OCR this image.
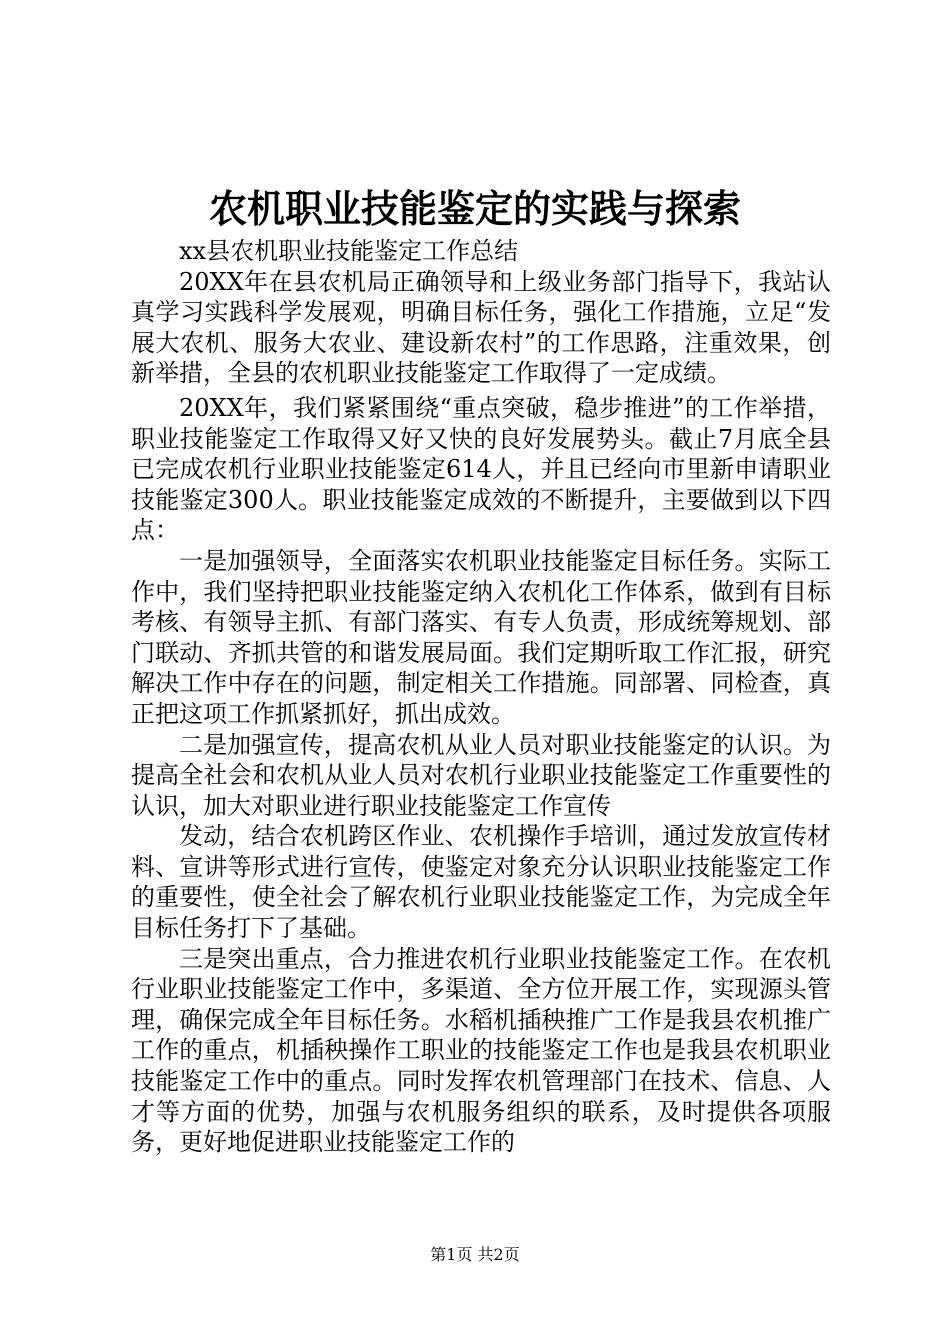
农机职业技能鉴定的实践与探索

xx县农机职业技能鉴定工作总结

20XX年在县农机局正确领导和上级业务部门指导下，我站认真学习实践科学发展观，明确目标任务，强化工作措施，立足“发展大农机、服务大农业、建设新农村”的工作思路，注重效果，创新举措，全县的农机职业技能鉴定工作取得了一定成绩。

20XX年，我们紧紧围绕“重点突破，稳步推进”的工作举措，职业技能鉴定工作取得又好又快的良好发展势头。截止7月底全县已完成农机行业职业技能鉴定614人，并且已经向市里新申请职业技能鉴定300人。职业技能鉴定成效的不断提升，主要做到以下四点：

一是加强领导，全面落实农机职业技能鉴定目标任务。实际工作中，我们坚持把职业技能鉴定纳入农机化工作体系，做到有目标考核、有领导主抓、有部门落实、有专人负责，形成统筹规划、部门联动、齐抓共管的和谐发展局面。我们定期听取工作汇报，研究解决工作中存在的问题，制定相关工作措施。同部署、同检查，真正把这项工作抓紧抓好，抓出成效。

二是加强宣传，提高农机从业人员对职业技能鉴定的认识。为提高全社会和农机从业人员对农机行业职业技能鉴定工作重要性的认识，加大对职业进行职业技能鉴定工作宣传

发动，结合农机跨区作业、农机操作手培训，通过发放宣传材料、宣讲等形式进行宣传，使鉴定对象充分认识职业技能鉴定工作的重要性，使全社会了解农机行业职业技能鉴定工作，为完成全年目标任务打下了基础。

三是突出重点，合力推进农机行业职业技能鉴定工作。在农机行业职业技能鉴定工作中，多渠道、全方位开展工作，实现源头管理，确保完成全年目标任务。水稻机插秧推广工作是我县农机推广工作的重点，机插秧操作工职业的技能鉴定工作也是我县农机职业技能鉴定工作中的重点。同时发挥农机管理部门在技术、信息、人才等方面的优势，加强与农机服务组织的联系，及时提供各项服务，更好地促进职业技能鉴定工作的

第1页 共2页
